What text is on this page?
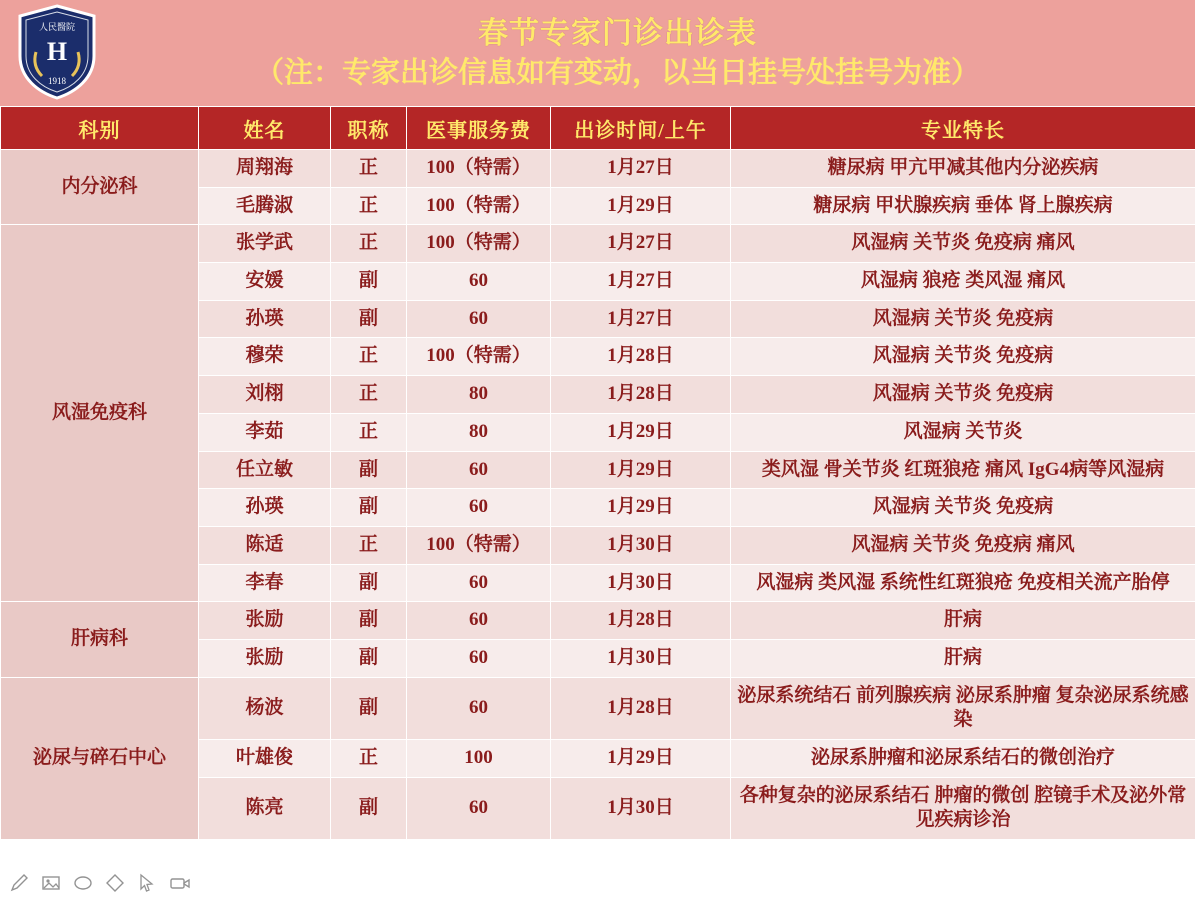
人民醫院
H
1918
春节专家门诊出诊表
（注：专家出诊信息如有变动，以当日挂号处挂号为准）
科别	姓名	职称	医事服务费	出诊时间/上午	专业特长
内分泌科	周翔海	正	100（特需）	1月27日	糖尿病 甲亢甲减其他内分泌疾病
	毛腾淑	正	100（特需）	1月29日	糖尿病 甲状腺疾病 垂体 肾上腺疾病
风湿免疫科	张学武	正	100（特需）	1月27日	风湿病 关节炎 免疫病 痛风
	安媛	副	60	1月27日	风湿病 狼疮 类风湿 痛风
	孙瑛	副	60	1月27日	风湿病 关节炎 免疫病
	穆荣	正	100（特需）	1月28日	风湿病 关节炎 免疫病
	刘栩	正	80	1月28日	风湿病 关节炎 免疫病
	李茹	正	80	1月29日	风湿病 关节炎
	任立敏	副	60	1月29日	类风湿 骨关节炎 红斑狼疮 痛风 IgG4病等风湿病
	孙瑛	副	60	1月29日	风湿病 关节炎 免疫病
	陈适	正	100（特需）	1月30日	风湿病 关节炎 免疫病 痛风
	李春	副	60	1月30日	风湿病 类风湿 系统性红斑狼疮 免疫相关流产胎停
肝病科	张励	副	60	1月28日	肝病
	张励	副	60	1月30日	肝病
泌尿与碎石中心	杨波	副	60	1月28日	泌尿系统结石 前列腺疾病 泌尿系肿瘤 复杂泌尿系统感染
	叶雄俊	正	100	1月29日	泌尿系肿瘤和泌尿系结石的微创治疗
	陈亮	副	60	1月30日	各种复杂的泌尿系结石 肿瘤的微创 腔镜手术及泌外常见疾病诊治
